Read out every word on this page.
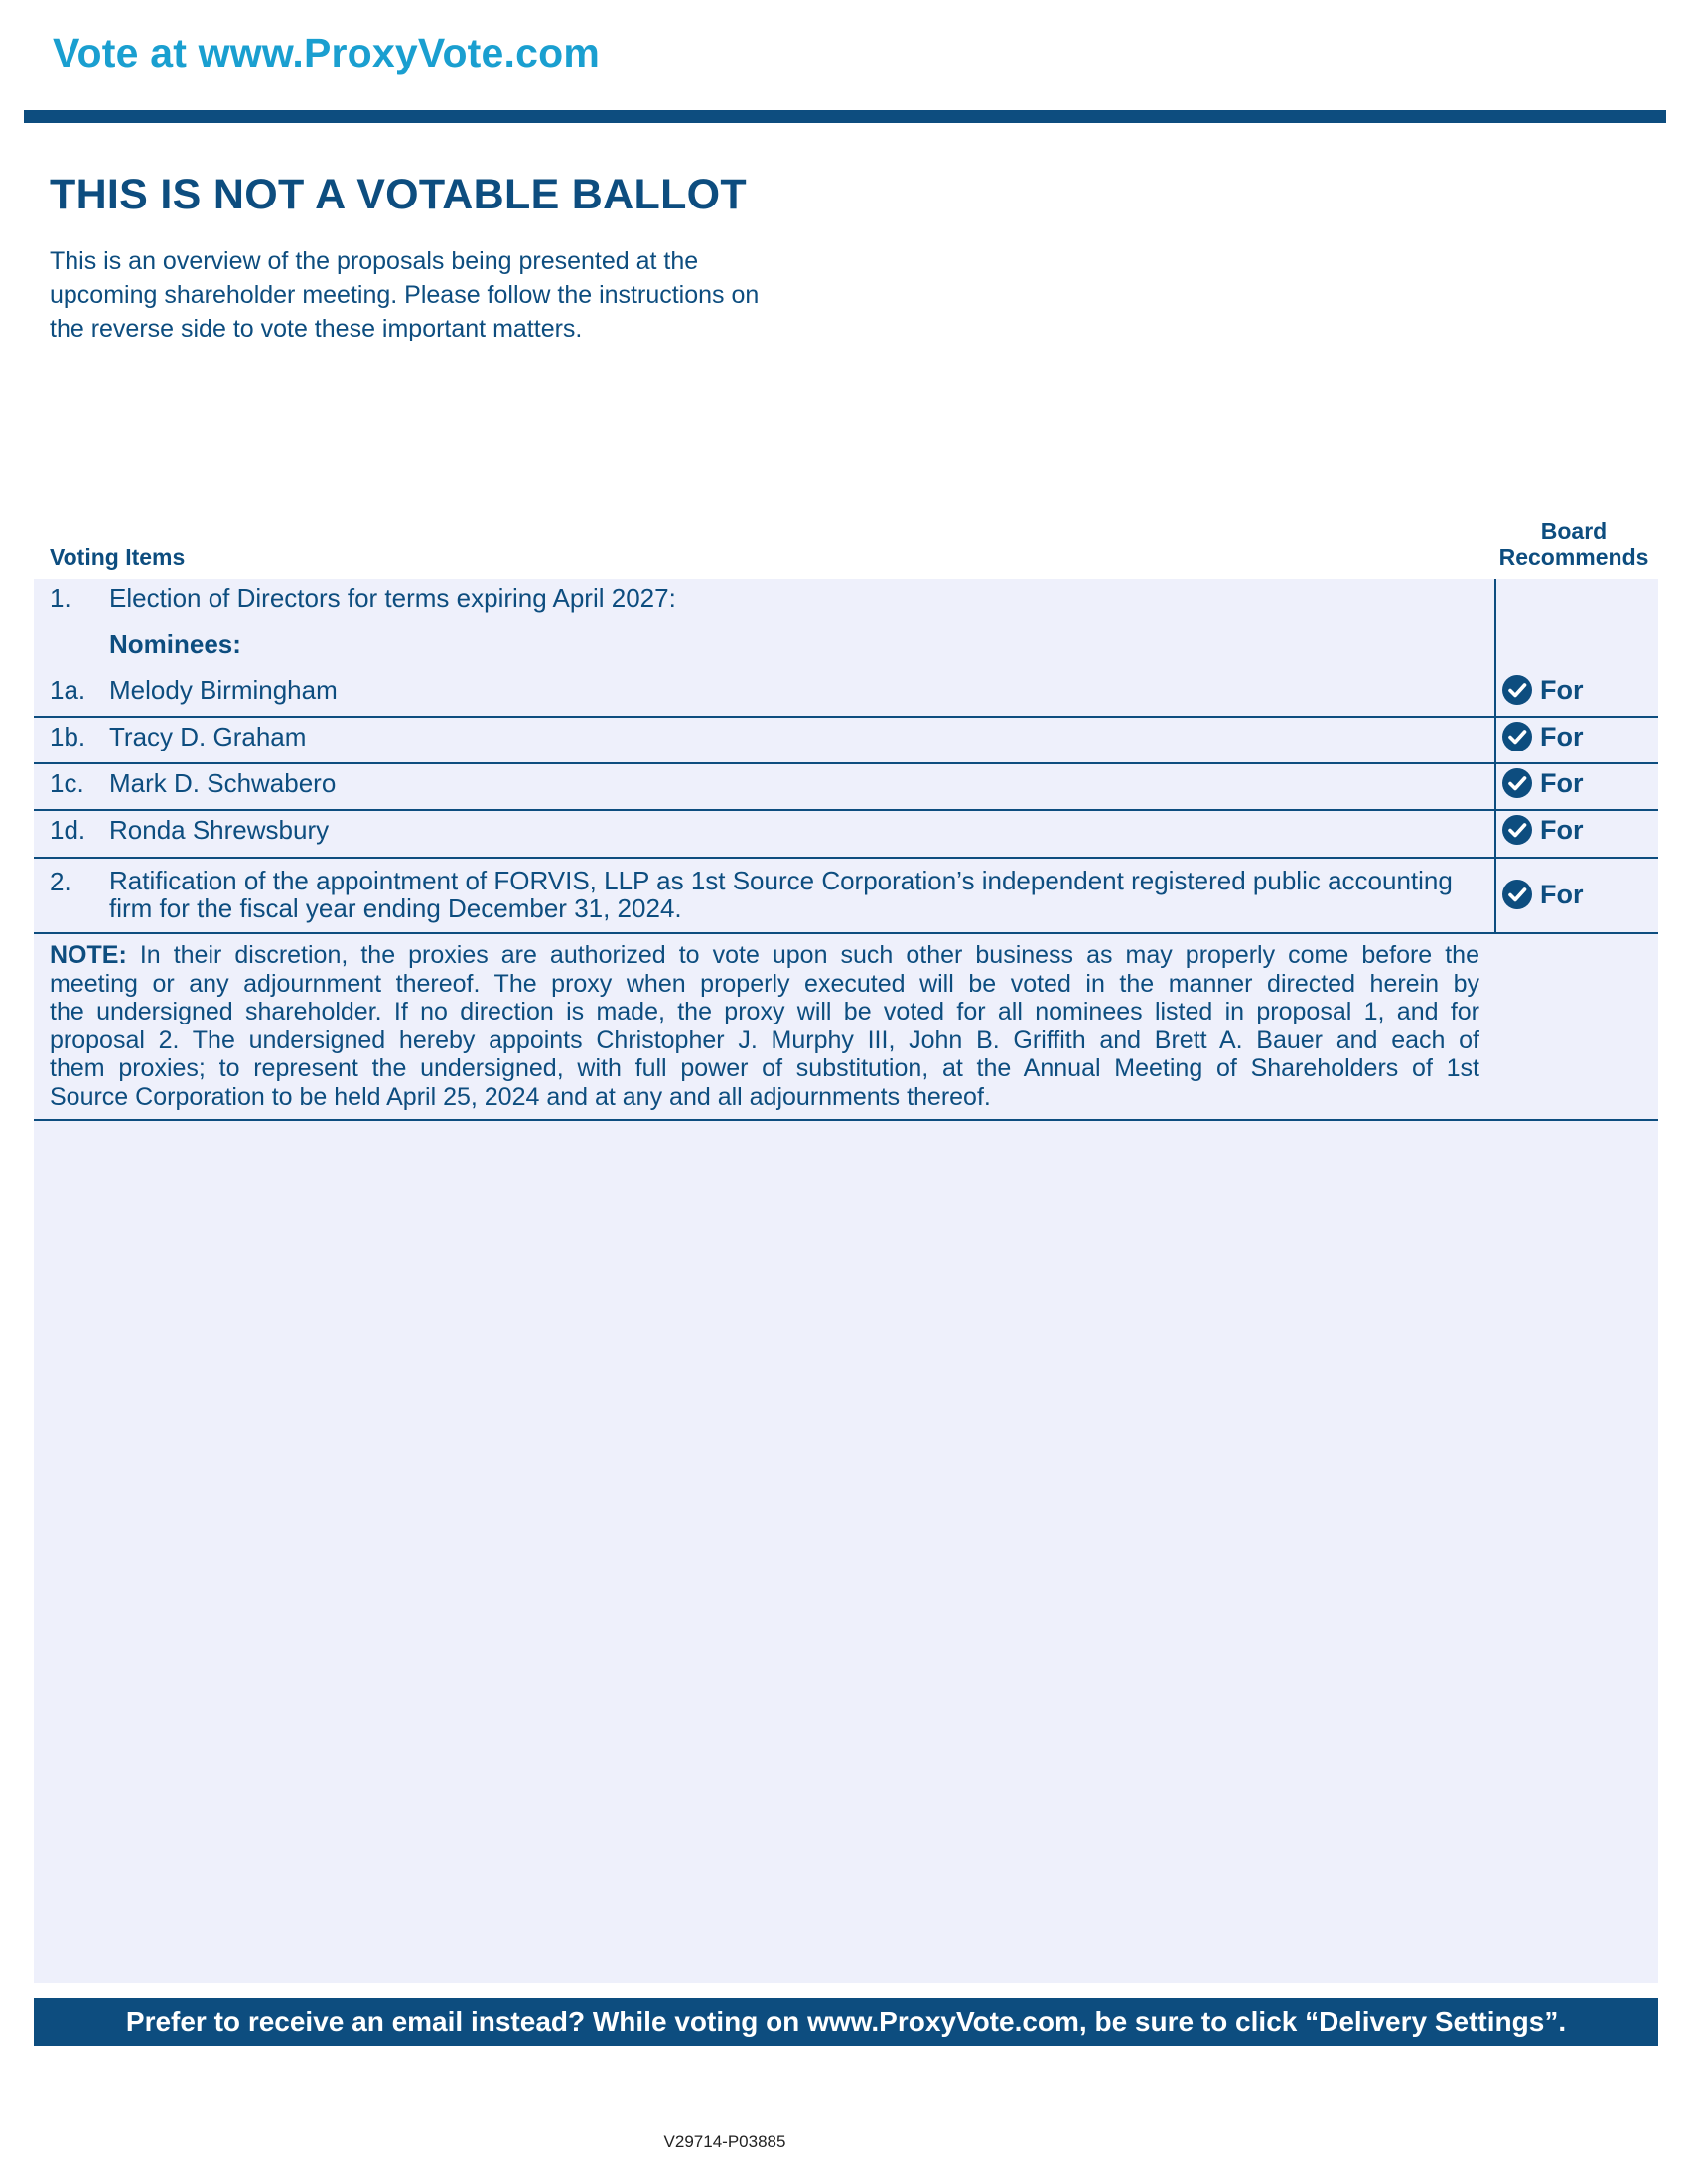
Vote at www.ProxyVote.com
THIS IS NOT A VOTABLE BALLOT
This is an overview of the proposals being presented at the
upcoming shareholder meeting. Please follow the instructions on
the reverse side to vote these important matters.
Voting Items
Board
Recommends
1. Election of Directors for terms expiring April 2027:
Nominees:
1a. Melody Birmingham	For
1b. Tracy D. Graham	For
1c. Mark D. Schwabero	For
1d. Ronda Shrewsbury	For
2. Ratification of the appointment of FORVIS, LLP as 1st Source Corporation’s independent registered public accounting
firm for the fiscal year ending December 31, 2024.	For
NOTE: In their discretion, the proxies are authorized to vote upon such other business as may properly come before the
meeting or any adjournment thereof. The proxy when properly executed will be voted in the manner directed herein by
the undersigned shareholder. If no direction is made, the proxy will be voted for all nominees listed in proposal 1, and for
proposal 2. The undersigned hereby appoints Christopher J. Murphy III, John B. Griffith and Brett A. Bauer and each of
them proxies; to represent the undersigned, with full power of substitution, at the Annual Meeting of Shareholders of 1st
Source Corporation to be held April 25, 2024 and at any and all adjournments thereof.
Prefer to receive an email instead? While voting on www.ProxyVote.com, be sure to click “Delivery Settings”.
V29714-P03885
